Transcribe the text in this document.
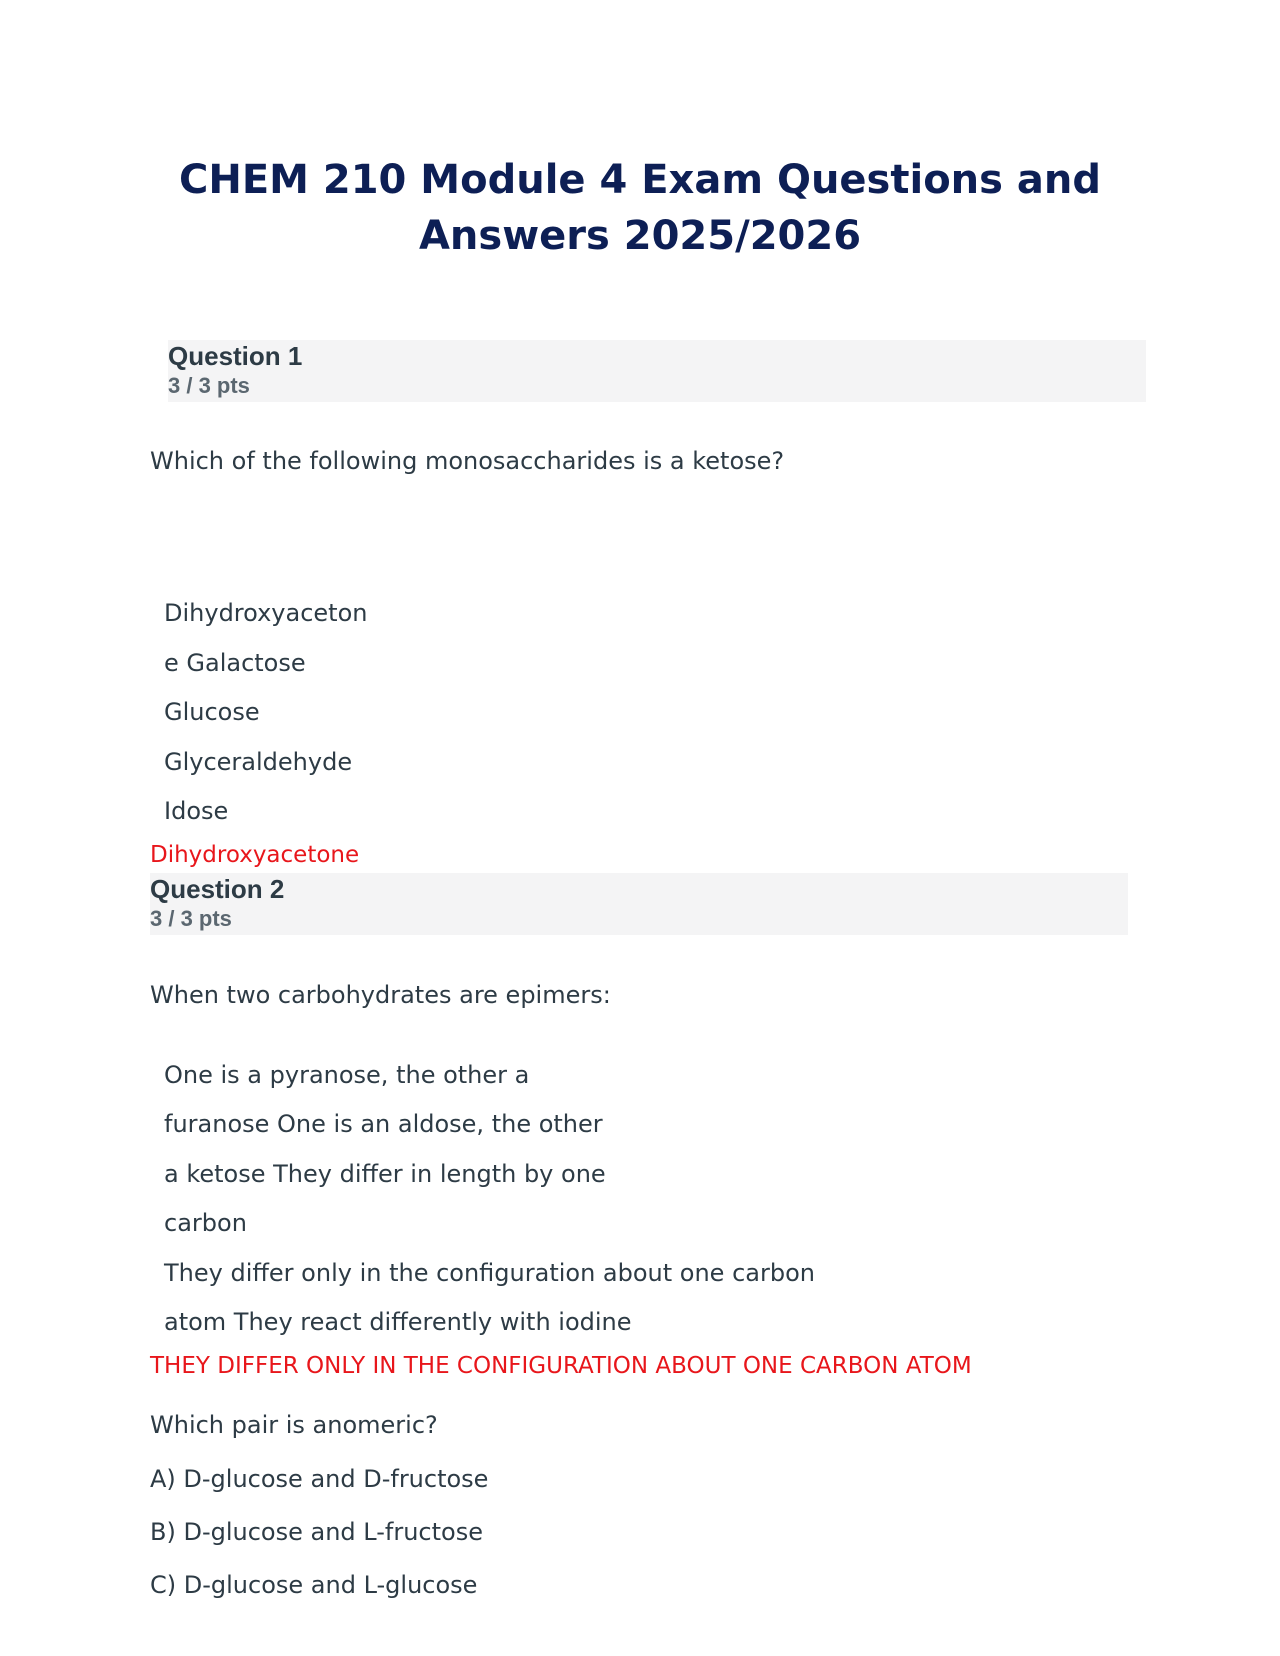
CHEM 210 Module 4 Exam Questions and
Answers 2025/2026
Question 1
3 / 3 pts
Which of the following monosaccharides is a ketose?
Dihydroxyaceton
e Galactose
Glucose
Glyceraldehyde
Idose
Dihydroxyacetone
Question 2
3 / 3 pts
When two carbohydrates are epimers:
One is a pyranose, the other a
furanose One is an aldose, the other
a ketose They differ in length by one
carbon
They differ only in the configuration about one carbon
atom They react differently with iodine
THEY DIFFER ONLY IN THE CONFIGURATION ABOUT ONE CARBON ATOM
Which pair is anomeric?
A) D-glucose and D-fructose
B) D-glucose and L-fructose
C) D-glucose and L-glucose
